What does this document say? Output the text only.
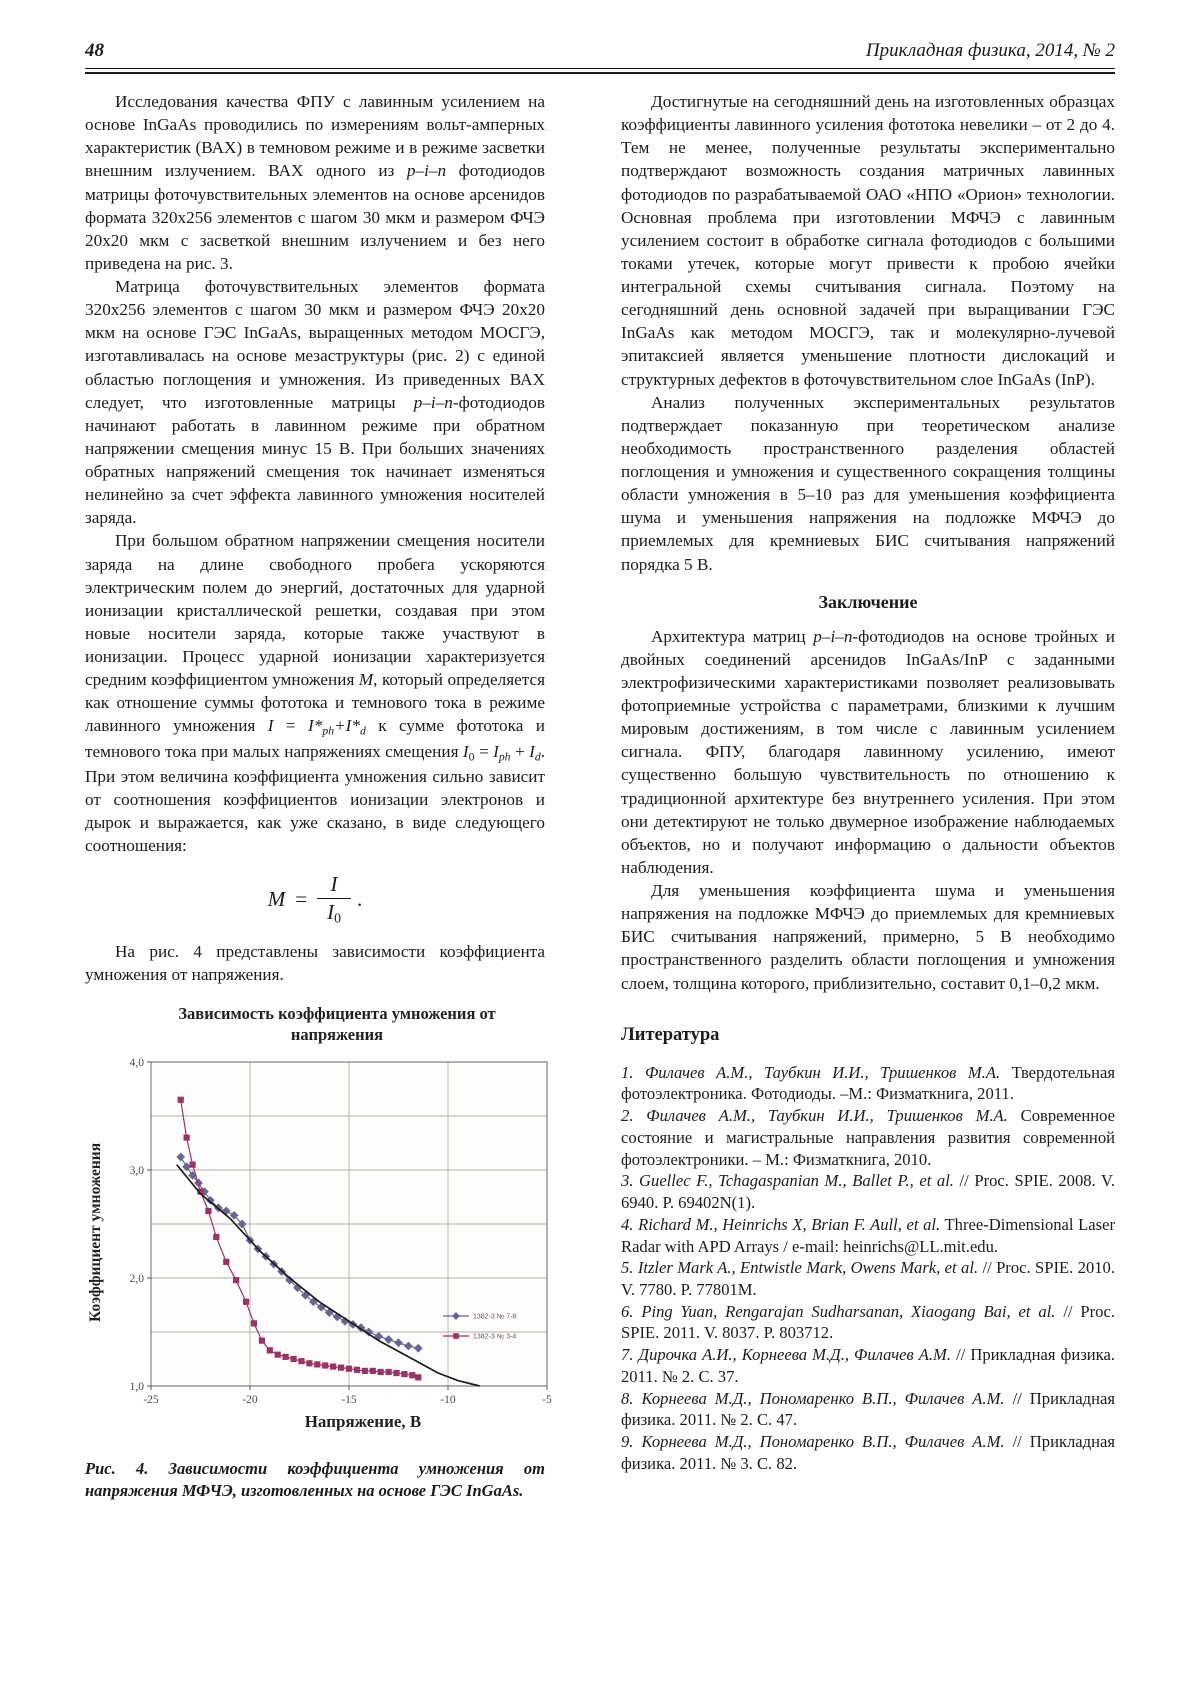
48	Прикладная физика, 2014, № 2

Исследования качества ФПУ с лавинным усилением на основе InGaAs проводились по измерениям вольт-амперных характеристик (ВАХ) в темновом режиме и в режиме засветки внешним излучением. ВАХ одного из p–i–n фотодиодов матрицы фоточувствительных элементов на основе арсенидов формата 320x256 элементов с шагом 30 мкм и размером ФЧЭ 20x20 мкм с засветкой внешним излучением и без него приведена на рис. 3.

Матрица фоточувствительных элементов формата 320x256 элементов с шагом 30 мкм и размером ФЧЭ 20x20 мкм на основе ГЭС InGaAs, выращенных методом МОСГЭ, изготавливалась на основе мезаструктуры (рис. 2) с единой областью поглощения и умножения. Из приведенных ВАХ следует, что изготовленные матрицы p–i–n-фотодиодов начинают работать в лавинном режиме при обратном напряжении смещения минус 15 В. При больших значениях обратных напряжений смещения ток начинает изменяться нелинейно за счет эффекта лавинного умножения носителей заряда.

При большом обратном напряжении смещения носители заряда на длине свободного пробега ускоряются электрическим полем до энергий, достаточных для ударной ионизации кристаллической решетки, создавая при этом новые носители заряда, которые также участвуют в ионизации. Процесс ударной ионизации характеризуется средним коэффициентом умножения M, который определяется как отношение суммы фототока и темнового тока в режиме лавинного умножения $I = I*_{ph}+I*_d$ к сумме фототока и темнового тока при малых напряжениях смещения $I_0 = I_{ph} + I_d$. При этом величина коэффициента умножения сильно зависит от соотношения коэффициентов ионизации электронов и дырок и выражается, как уже сказано, в виде следующего соотношения:

$M = \frac{I}{I0}$ .

На рис. 4 представлены зависимости коэффициента умножения от напряжения.

Зависимость коэффициента умножения от напряжения
Коэффициент умножения
-25	-20	-15	-10	-5
4,0
3,0
2,0
1,0
1382-3 № 7-8
1382-3 № 3-4
Напряжение, В

Рис. 4. Зависимости коэффициента умножения от напряжения МФЧЭ, изготовленных на основе ГЭС InGaAs.

Достигнутые на сегодняшний день на изготовленных образцах коэффициенты лавинного усиления фототока невелики – от 2 до 4. Тем не менее, полученные результаты экспериментально подтверждают возможность создания матричных лавинных фотодиодов по разрабатываемой ОАО «НПО «Орион» технологии. Основная проблема при изготовлении МФЧЭ с лавинным усилением состоит в обработке сигнала фотодиодов с большими токами утечек, которые могут привести к пробою ячейки интегральной схемы считывания сигнала. Поэтому на сегодняшний день основной задачей при выращивании ГЭС InGaAs как методом МОСГЭ, так и молекулярно-лучевой эпитаксией является уменьшение плотности дислокаций и структурных дефектов в фоточувствительном слое InGaAs (InP).

Анализ полученных экспериментальных результатов подтверждает показанную при теоретическом анализе необходимость пространственного разделения областей поглощения и умножения и существенного сокращения толщины области умножения в 5–10 раз для уменьшения коэффициента шума и уменьшения напряжения на подложке МФЧЭ до приемлемых для кремниевых БИС считывания напряжений порядка 5 В.

Заключение

Архитектура матриц p–i–n-фотодиодов на основе тройных и двойных соединений арсенидов InGaAs/InP с заданными электрофизическими характеристиками позволяет реализовывать фотоприемные устройства с параметрами, близкими к лучшим мировым достижениям, в том числе с лавинным усилением сигнала. ФПУ, благодаря лавинному усилению, имеют существенно большую чувствительность по отношению к традиционной архитектуре без внутреннего усиления. При этом они детектируют не только двумерное изображение наблюдаемых объектов, но и получают информацию о дальности объектов наблюдения.

Для уменьшения коэффициента шума и уменьшения напряжения на подложке МФЧЭ до приемлемых для кремниевых БИС считывания напряжений, примерно, 5 В необходимо пространственного разделить области поглощения и умножения слоем, толщина которого, приблизительно, составит 0,1–0,2 мкм.

Литература

1. Филачев А.М., Таубкин И.И., Тришенков М.А. Твердотельная фотоэлектроника. Фотодиоды. –М.: Физматкнига, 2011.

2. Филачев А.М., Таубкин И.И., Тришенков М.А. Современное состояние и магистральные направления развития современной фотоэлектроники. – М.: Физматкнига, 2010.

3. Guellec F., Tchagaspanian M., Ballet P., et al. // Proc. SPIE. 2008. V. 6940. P. 69402N(1).

4. Richard M., Heinrichs X, Brian F. Aull, et al. Three-Dimensional Laser Radar with APD Arrays / e-mail: heinrichs@LL.mit.edu.

5. Itzler Mark A., Entwistle Mark, Owens Mark, et al. // Proc. SPIE. 2010. V. 7780. P. 77801M.

6. Ping Yuan, Rengarajan Sudharsanan, Xiaogang Bai, et al. // Proc. SPIE. 2011. V. 8037. P. 803712.

7. Дирочка А.И., Корнеева М.Д., Филачев А.М. // Прикладная физика. 2011. № 2. С. 37.

8. Корнеева М.Д., Пономаренко В.П., Филачев А.М. // Прикладная физика. 2011. № 2. С. 47.

9. Корнеева М.Д., Пономаренко В.П., Филачев А.М. // Прикладная физика. 2011. № 3. С. 82.
